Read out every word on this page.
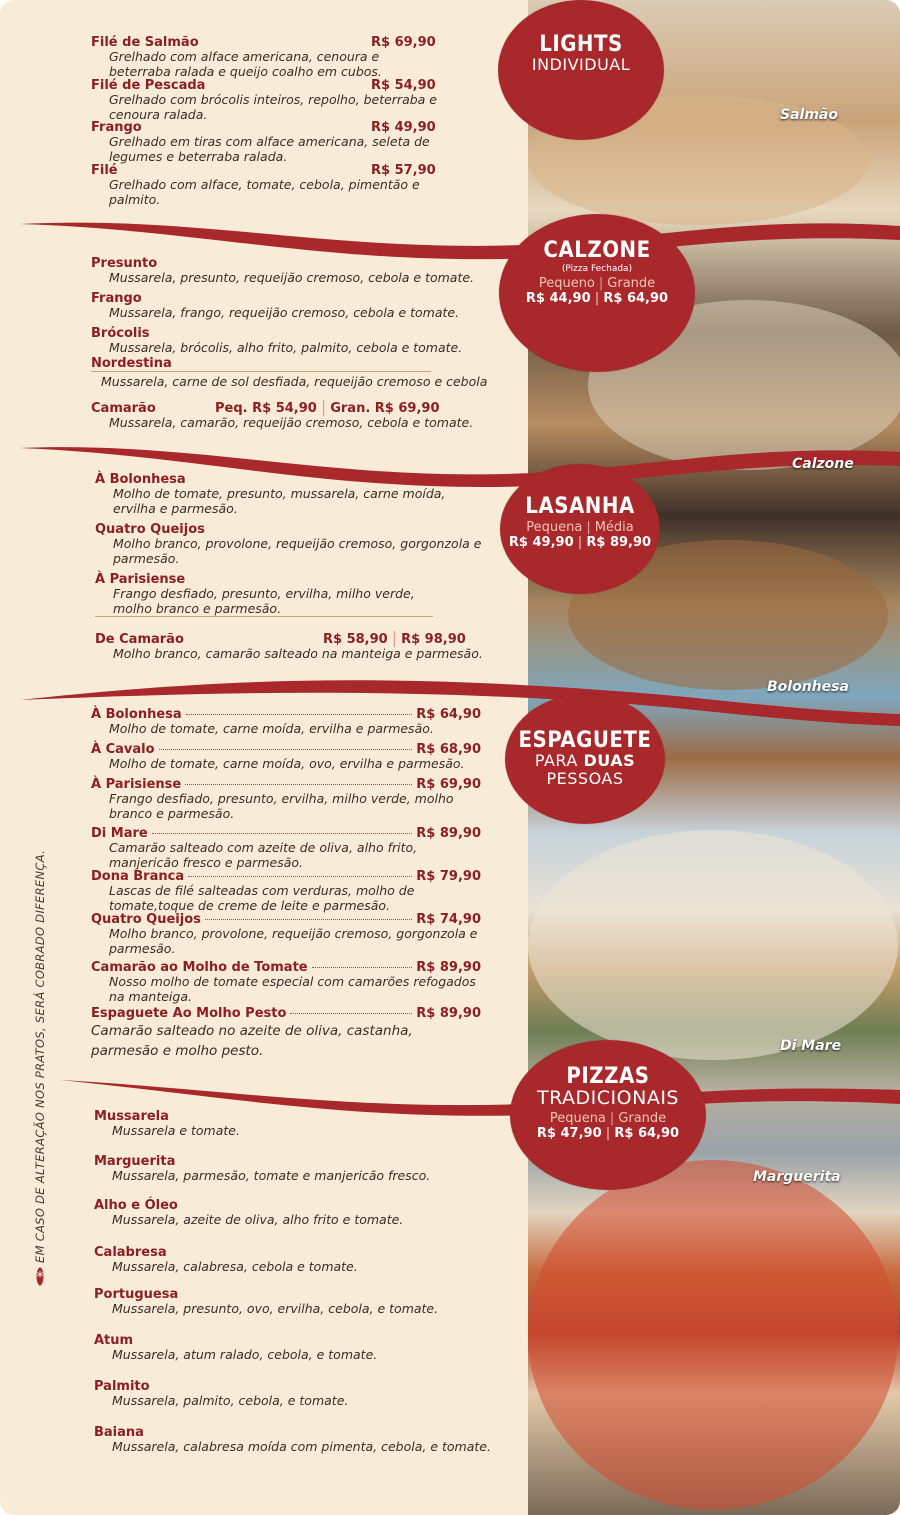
Salmão
Calzone
Bolonhesa
Di Mare
Marguerita
LIGHTS
INDIVIDUAL
CALZONE
(Pizza Fechada)
Pequeno | Grande
R$ 44,90 | R$ 64,90
LASANHA
Pequena | Média
R$ 49,90 | R$ 89,90
ESPAGUETE
PARA DUAS
PESSOAS
PIZZAS
TRADICIONAIS
Pequena | Grande
R$ 47,90 | R$ 64,90
Filé de Salmão	R$ 69,90
Grelhado com alface americana, cenoura e beterraba ralada e queijo coalho em cubos.
Filé de Pescada	R$ 54,90
Grelhado com brócolis inteiros, repolho, beterraba e cenoura ralada.
Frango	R$ 49,90
Grelhado em tiras com alface americana, seleta de legumes e beterraba ralada.
Filé	R$ 57,90
Grelhado com alface, tomate, cebola, pimentão e palmito.
Presunto
Mussarela, presunto, requeijão cremoso, cebola e tomate.
Frango
Mussarela, frango, requeijão cremoso, cebola e tomate.
Brócolis
Mussarela, brócolis, alho frito, palmito, cebola e tomate.
Nordestina
Mussarela, carne de sol desfiada, requeijão cremoso e cebola
Camarão	Peq. R$ 54,90 | Gran. R$ 69,90
Mussarela, camarão, requeijão cremoso, cebola e tomate.
À Bolonhesa
Molho de tomate, presunto, mussarela, carne moída, ervilha e parmesão.
Quatro Queijos
Molho branco, provolone, requeijão cremoso, gorgonzola e parmesão.
À Parisiense
Frango desfiado, presunto, ervilha, milho verde, molho branco e parmesão.
De Camarão	R$ 58,90 | R$ 98,90
Molho branco, camarão salteado na manteiga e parmesão.
À Bolonhesa	R$ 64,90
Molho de tomate, carne moída, ervilha e parmesão.
À Cavalo	R$ 68,90
Molho de tomate, carne moída, ovo, ervilha e parmesão.
À Parisiense	R$ 69,90
Frango desfiado, presunto, ervilha, milho verde, molho branco e parmesão.
Di Mare	R$ 89,90
Camarão salteado com azeite de oliva, alho frito, manjericão fresco e parmesão.
Dona Branca	R$ 79,90
Lascas de filé salteadas com verduras, molho de tomate,toque de creme de leite e parmesão.
Quatro Queijos	R$ 74,90
Molho branco, provolone, requeijão cremoso, gorgonzola e parmesão.
Camarão ao Molho de Tomate	R$ 89,90
Nosso molho de tomate especial com camarões refogados na manteiga.
Espaguete Ao Molho Pesto	R$ 89,90
Camarão salteado no azeite de oliva, castanha, parmesão e molho pesto.
Mussarela
Mussarela e tomate.
Marguerita
Mussarela, parmesão, tomate e manjericão fresco.
Alho e Óleo
Mussarela, azeite de oliva, alho frito e tomate.
Calabresa
Mussarela, calabresa, cebola e tomate.
Portuguesa
Mussarela, presunto, ovo, ervilha, cebola, e tomate.
Atum
Mussarela, atum ralado, cebola, e tomate.
Palmito
Mussarela, palmito, cebola, e tomate.
Baiana
Mussarela, calabresa moída com pimenta, cebola, e tomate.
*
EM CASO DE ALTERAÇÃO NOS PRATOS, SERÁ COBRADO DIFERENÇA.
